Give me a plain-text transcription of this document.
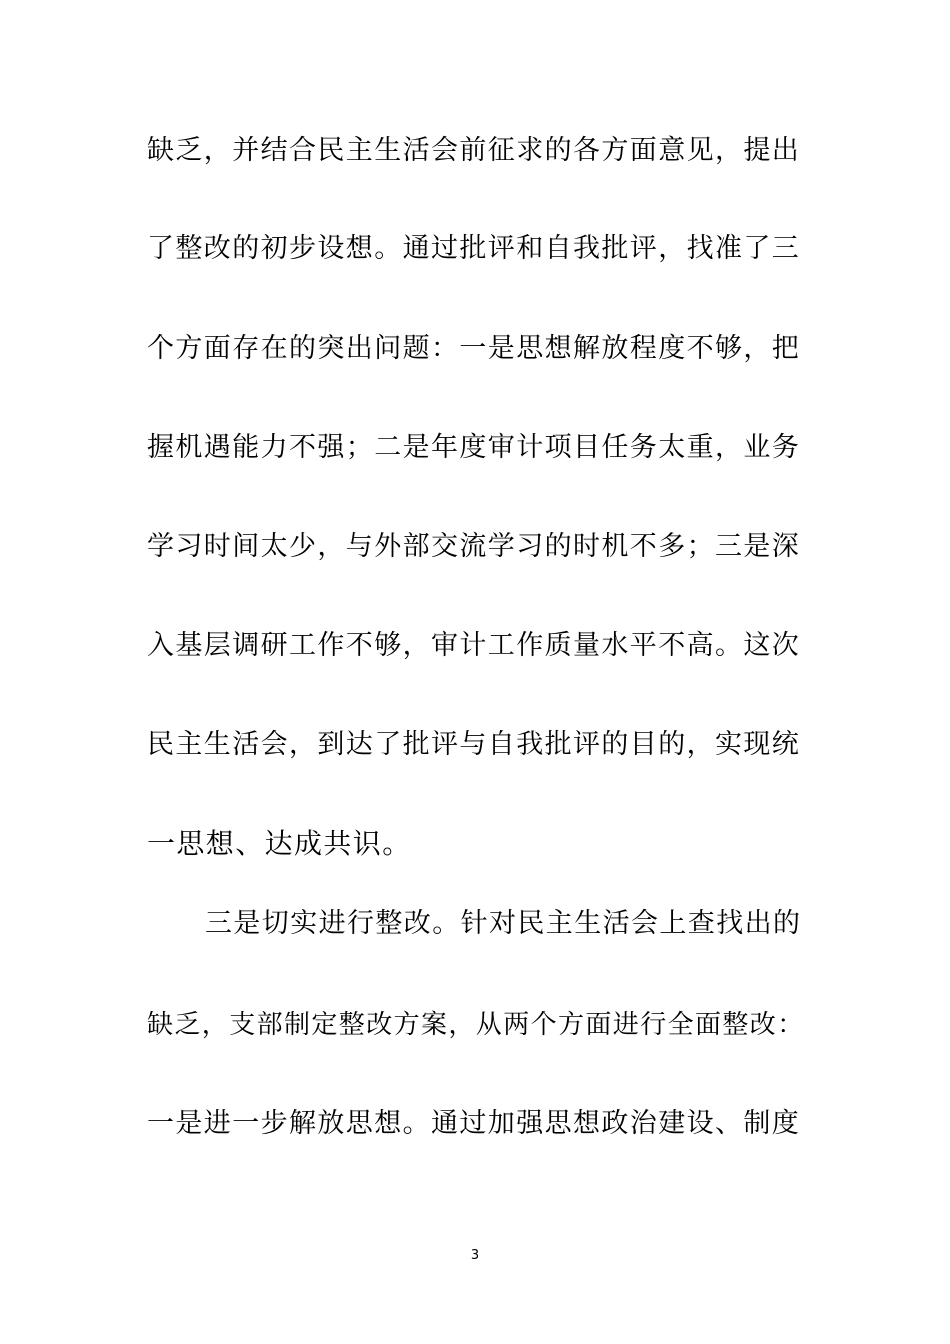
缺乏，并结合民主生活会前征求的各方面意见，提出
了整改的初步设想。通过批评和自我批评，找准了三
个方面存在的突出问题：一是思想解放程度不够，把
握机遇能力不强；二是年度审计项目任务太重，业务
学习时间太少，与外部交流学习的时机不多；三是深
入基层调研工作不够，审计工作质量水平不高。这次
民主生活会，到达了批评与自我批评的目的，实现统
一思想、达成共识。
三是切实进行整改。针对民主生活会上查找出的
缺乏，支部制定整改方案，从两个方面进行全面整改：
一是进一步解放思想。通过加强思想政治建设、制度
3
